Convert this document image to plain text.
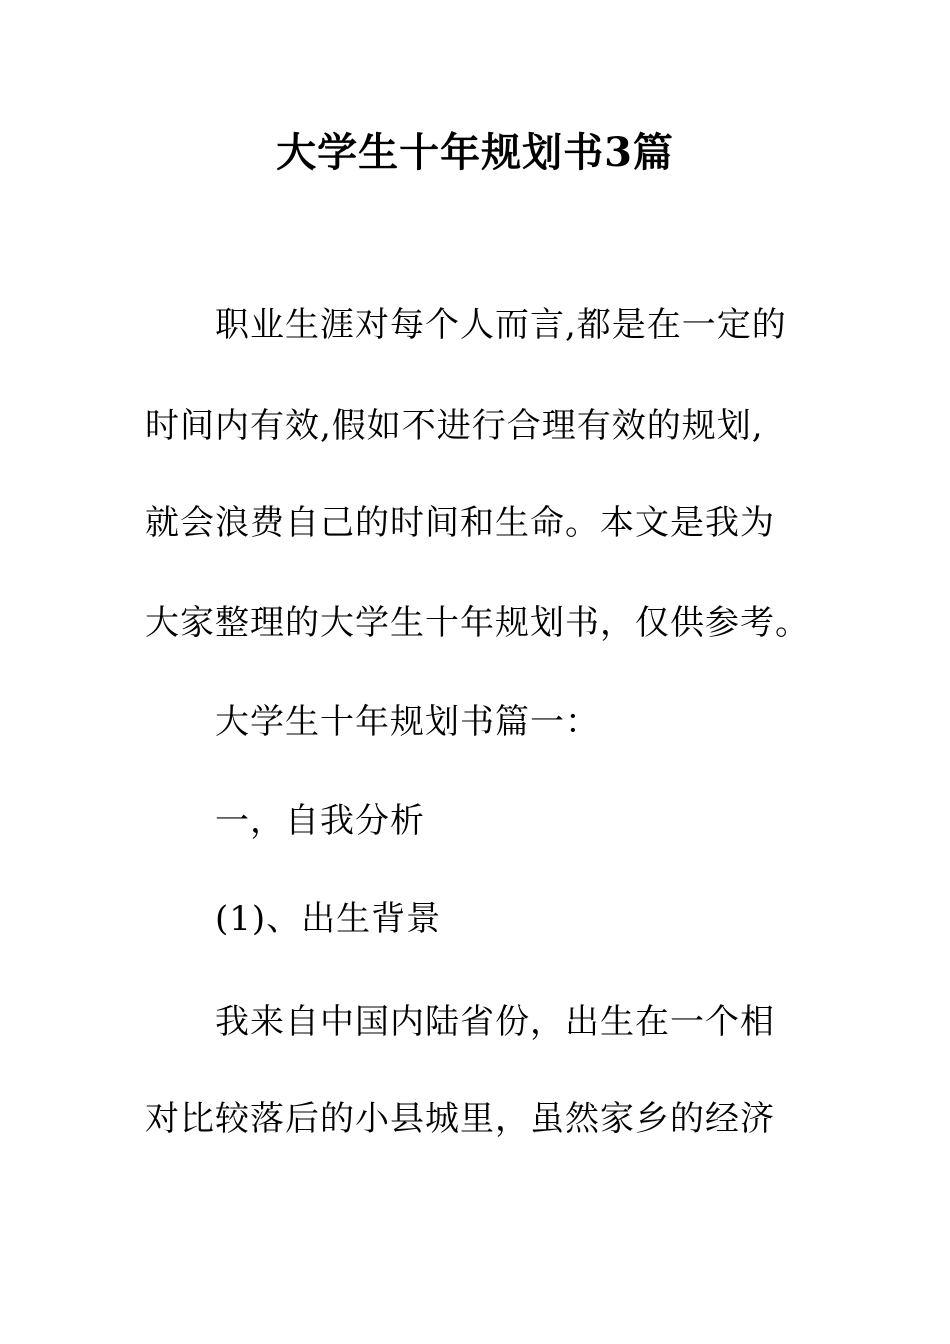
大学生十年规划书3篇
职业生涯对每个人而言,都是在一定的
时间内有效,假如不进行合理有效的规划,
就会浪费自己的时间和生命。本文是我为
大家整理的大学生十年规划书，仅供参考。
大学生十年规划书篇一：
一，自我分析
(1)、出生背景
我来自中国内陆省份，出生在一个相
对比较落后的小县城里，虽然家乡的经济
